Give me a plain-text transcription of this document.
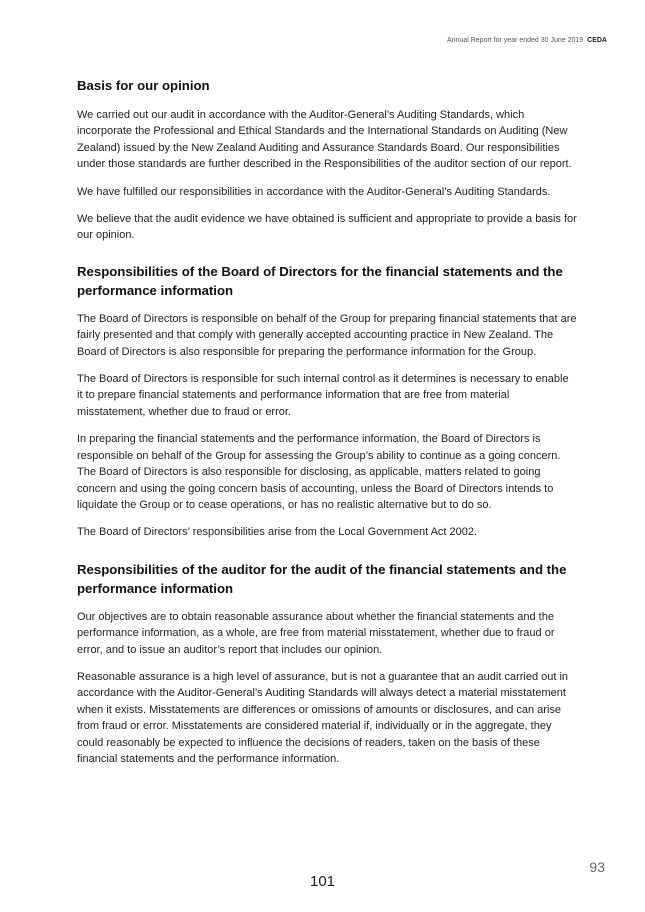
Annual Report for year ended 30 June 2019 CEDA
Basis for our opinion

We carried out our audit in accordance with the Auditor-General’s Auditing Standards, which incorporate the Professional and Ethical Standards and the International Standards on Auditing (New Zealand) issued by the New Zealand Auditing and Assurance Standards Board. Our responsibilities under those standards are further described in the Responsibilities of the auditor section of our report.

We have fulfilled our responsibilities in accordance with the Auditor-General’s Auditing Standards.

We believe that the audit evidence we have obtained is sufficient and appropriate to provide a basis for our opinion.

Responsibilities of the Board of Directors for the financial statements and the performance information

The Board of Directors is responsible on behalf of the Group for preparing financial statements that are fairly presented and that comply with generally accepted accounting practice in New Zealand. The Board of Directors is also responsible for preparing the performance information for the Group.

The Board of Directors is responsible for such internal control as it determines is necessary to enable it to prepare financial statements and performance information that are free from material misstatement, whether due to fraud or error.

In preparing the financial statements and the performance information, the Board of Directors is responsible on behalf of the Group for assessing the Group’s ability to continue as a going concern. The Board of Directors is also responsible for disclosing, as applicable, matters related to going concern and using the going concern basis of accounting, unless the Board of Directors intends to liquidate the Group or to cease operations, or has no realistic alternative but to do so.

The Board of Directors’ responsibilities arise from the Local Government Act 2002.

Responsibilities of the auditor for the audit of the financial statements and the performance information

Our objectives are to obtain reasonable assurance about whether the financial statements and the performance information, as a whole, are free from material misstatement, whether due to fraud or error, and to issue an auditor’s report that includes our opinion.

Reasonable assurance is a high level of assurance, but is not a guarantee that an audit carried out in accordance with the Auditor-General’s Auditing Standards will always detect a material misstatement when it exists. Misstatements are differences or omissions of amounts or disclosures, and can arise from fraud or error. Misstatements are considered material if, individually or in the aggregate, they could reasonably be expected to influence the decisions of readers, taken on the basis of these financial statements and the performance information.

93
101
